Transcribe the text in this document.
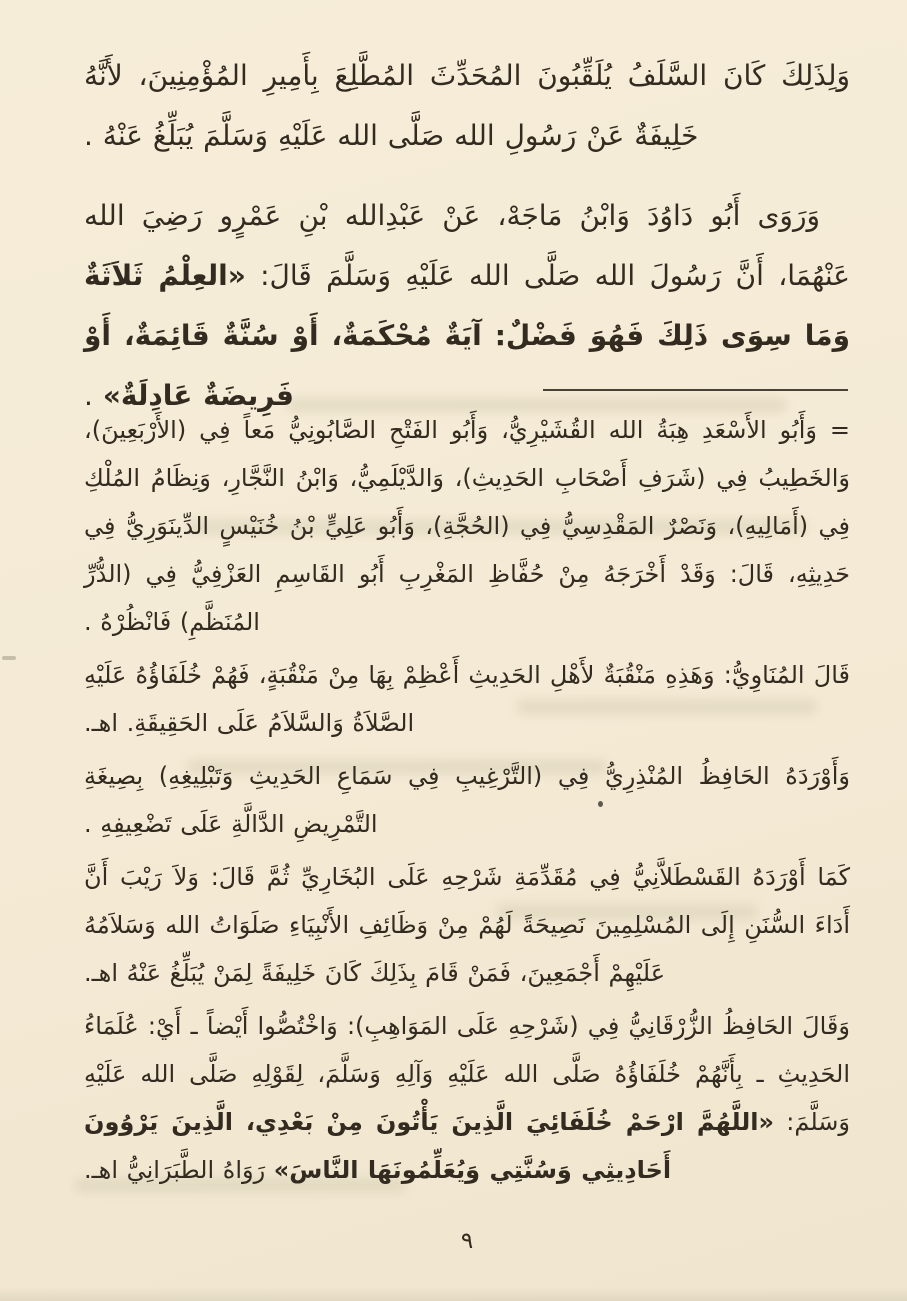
وَلِذَلِكَ كَانَ السَّلَفُ يُلَقِّبُونَ المُحَدِّثَ المُطَّلِعَ بِأَمِيرِ المُؤْمِنِينَ، لأَنَّهُ خَلِيفَةٌ عَنْ رَسُولِ الله صَلَّى الله عَلَيْهِ وَسَلَّمَ يُبَلِّغُ عَنْهُ .

وَرَوَى أَبُو دَاوُدَ وَابْنُ مَاجَهْ، عَنْ عَبْدِالله بْنِ عَمْرٍو رَضِيَ الله عَنْهُمَا، أَنَّ رَسُولَ الله صَلَّى الله عَلَيْهِ وَسَلَّمَ قَالَ: «العِلْمُ ثَلاَثَةٌ وَمَا سِوَى ذَلِكَ فَهُوَ فَضْلٌ: آيَةٌ مُحْكَمَةٌ، أَوْ سُنَّةٌ قَائِمَةٌ، أَوْ فَرِيضَةٌ عَادِلَةٌ» .

= وَأَبُو الأَسْعَدِ هِبَةُ الله القُشَيْرِيُّ، وَأَبُو الفَتْحِ الصَّابُونِيُّ مَعاً فِي (الأَرْبَعِينَ)، وَالخَطِيبُ فِي (شَرَفِ أَصْحَابِ الحَدِيثِ)، وَالدَّيْلَمِيُّ، وَابْنُ النَّجَّارِ، وَنِظَامُ المُلْكِ فِي (أَمَالِيهِ)، وَنَصْرٌ المَقْدِسِيُّ فِي (الحُجَّةِ)، وَأَبُو عَلِيٍّ بْنُ خُنَيْسٍ الدِّينَوَرِيُّ فِي حَدِيثِهِ، قَالَ: وَقَدْ أَخْرَجَهُ مِنْ حُفَّاظِ المَغْرِبِ أَبُو القَاسِمِ العَزْفِيُّ فِي (الدُّرِّ المُنَظَّمِ) فَانْظُرْهُ .

قَالَ المُنَاوِيُّ: وَهَذِهِ مَنْقُبَةٌ لأَهْلِ الحَدِيثِ أَعْظِمْ بِهَا مِنْ مَنْقُبَةٍ، فَهُمْ خُلَفَاؤُهُ عَلَيْهِ الصَّلاَةُ وَالسَّلاَمُ عَلَى الحَقِيقَةِ. اهـ.

وَأَوْرَدَهُ الحَافِظُ المُنْذِرِيُّ فِي (التَّرْغِيبِ فِي سَمَاعِ الحَدِيثِ وَتَبْلِيغِهِ) بِصِيغَةِ التَّمْرِيضِ الدَّالَّةِ عَلَى تَضْعِيفِهِ .

كَمَا أَوْرَدَهُ القَسْطَلاَّنِيُّ فِي مُقَدِّمَةِ شَرْحِهِ عَلَى البُخَارِيِّ ثُمَّ قَالَ: وَلاَ رَيْبَ أَنَّ أَدَاءَ السُّنَنِ إِلَى المُسْلِمِينَ نَصِيحَةً لَهُمْ مِنْ وَظَائِفِ الأَنْبِيَاءِ صَلَوَاتُ الله وَسَلاَمُهُ عَلَيْهِمْ أَجْمَعِينَ، فَمَنْ قَامَ بِذَلِكَ كَانَ خَلِيفَةً لِمَنْ يُبَلِّغُ عَنْهُ اهـ.

وَقَالَ الحَافِظُ الزُّرْقَانِيُّ فِي (شَرْحِهِ عَلَى المَوَاهِبِ): وَاخْتُصُّوا أَيْضاً ـ أَيْ: عُلَمَاءُ الحَدِيثِ ـ بِأَنَّهُمْ خُلَفَاؤُهُ صَلَّى الله عَلَيْهِ وَآلِهِ وَسَلَّمَ، لِقَوْلِهِ صَلَّى الله عَلَيْهِ وَسَلَّمَ: «اللَّهُمَّ ارْحَمْ خُلَفَائِيَ الَّذِينَ يَأْتُونَ مِنْ بَعْدِي، الَّذِينَ يَرْوُونَ أَحَادِيثِي وَسُنَّتِي وَيُعَلِّمُونَهَا النَّاسَ» رَوَاهُ الطَّبَرَانِيُّ اهـ.

٩
